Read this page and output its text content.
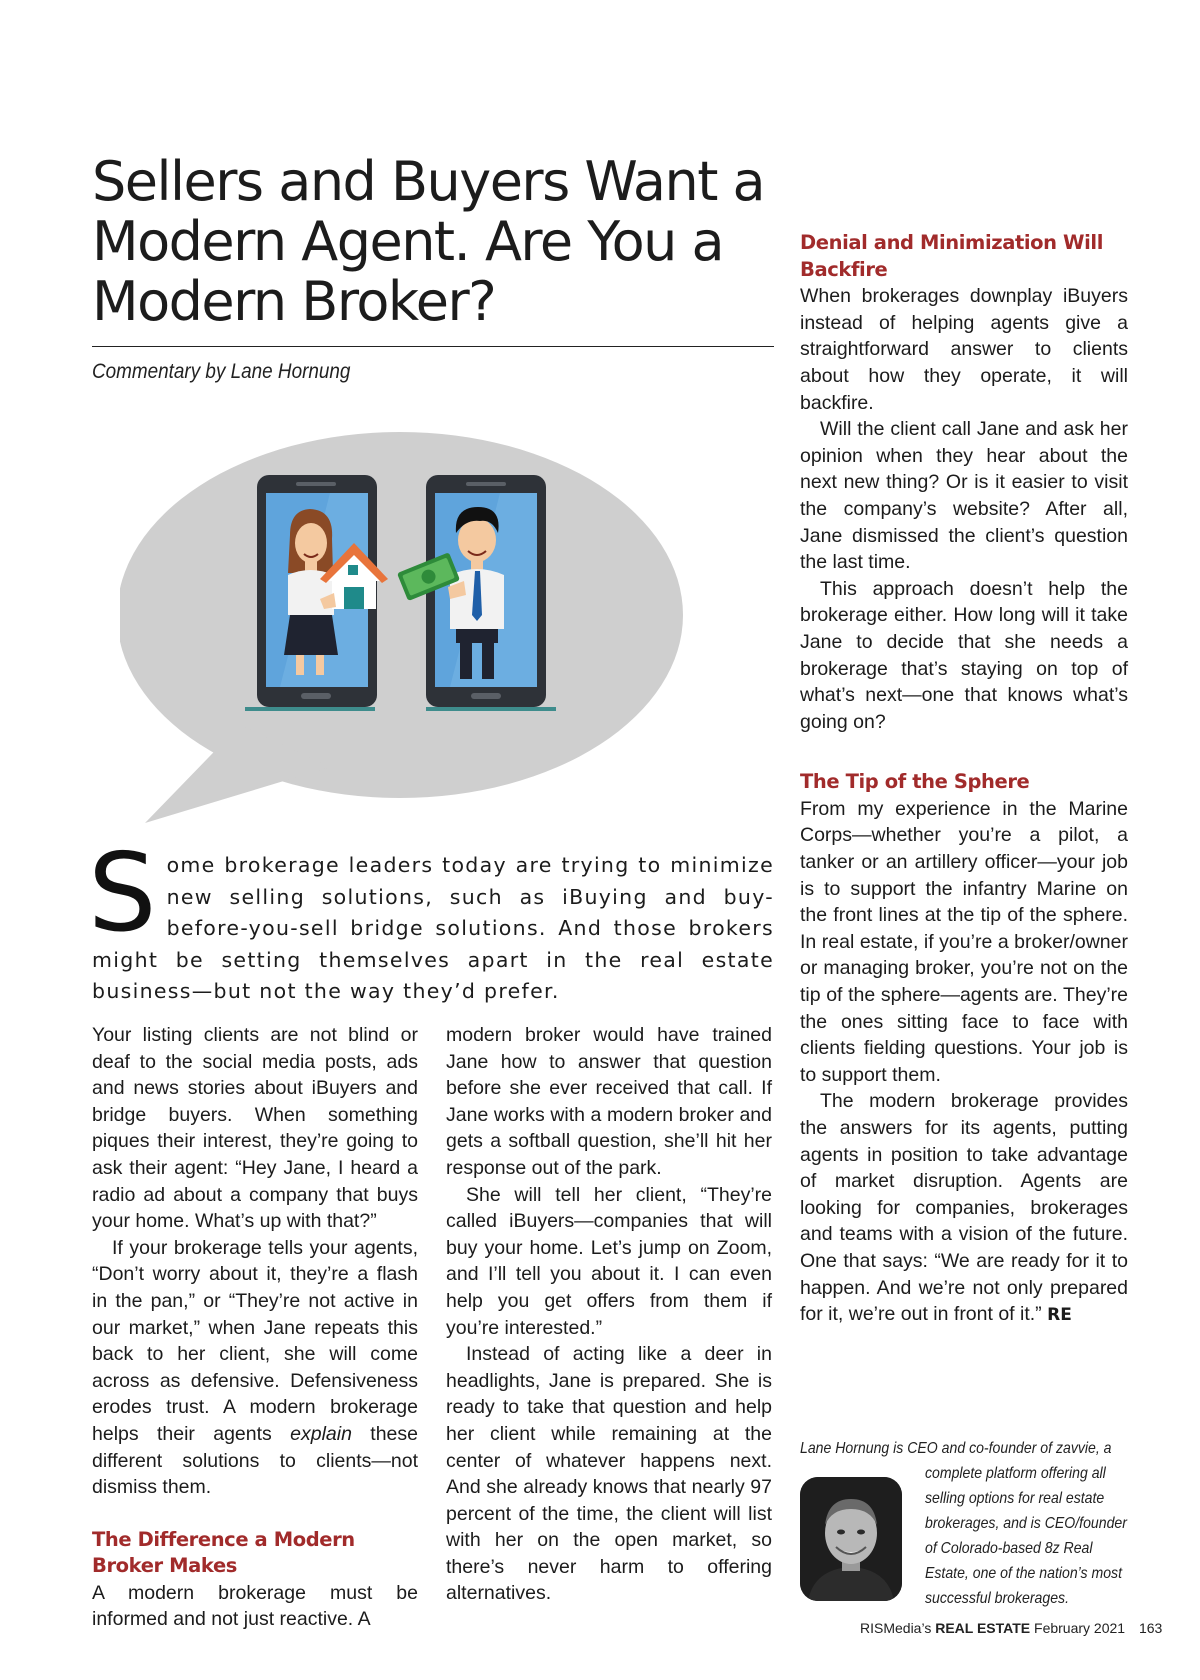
Sellers and Buyers Want a Modern Agent. Are You a Modern Broker?
Commentary by Lane Hornung
Some brokerage leaders today are trying to minimize new selling solutions, such as iBuying and buy-before-you-sell bridge solutions. And those brokers might be setting themselves apart in the real estate business—but not the way they’d prefer.

Your listing clients are not blind or deaf to the social media posts, ads and news stories about iBuyers and bridge buyers. When something piques their interest, they’re going to ask their agent: “Hey Jane, I heard a radio ad about a company that buys your home. What’s up with that?”

If your brokerage tells your agents, “Don’t worry about it, they’re a flash in the pan,” or “They’re not active in our market,” when Jane repeats this back to her client, she will come across as defensive. Defensiveness erodes trust. A modern brokerage helps their agents explain these different solutions to clients—not dismiss them.

The Difference a Modern Broker Makes

A modern brokerage must be informed and not just reactive. A

modern broker would have trained Jane how to answer that question before she ever received that call. If Jane works with a modern broker and gets a softball question, she’ll hit her response out of the park.

She will tell her client, “They’re called iBuyers—companies that will buy your home. Let’s jump on Zoom, and I’ll tell you about it. I can even help you get offers from them if you’re interested.”

Instead of acting like a deer in headlights, Jane is prepared. She is ready to take that question and help her client while remaining at the center of whatever happens next. And she already knows that nearly 97 percent of the time, the client will list with her on the open market, so there’s never harm to offering alternatives.

Denial and Minimization Will Backfire

When brokerages downplay iBuyers instead of helping agents give a straightforward answer to clients about how they operate, it will backfire.

Will the client call Jane and ask her opinion when they hear about the next new thing? Or is it easier to visit the company’s website? After all, Jane dismissed the client’s question the last time.

This approach doesn’t help the brokerage either. How long will it take Jane to decide that she needs a brokerage that’s staying on top of what’s next—one that knows what’s going on?

The Tip of the Sphere

From my experience in the Marine Corps—whether you’re a pilot, a tanker or an artillery officer—your job is to support the infantry Marine on the front lines at the tip of the sphere. In real estate, if you’re a broker/owner or managing broker, you’re not on the tip of the sphere—agents are. They’re the ones sitting face to face with clients fielding questions. Your job is to support them.

The modern brokerage provides the answers for its agents, putting agents in position to take advantage of market disruption. Agents are looking for companies, brokerages and teams with a vision of the future. One that says: “We are ready for it to happen. And we’re not only prepared for it, we’re out in front of it.” RE

Lane Hornung is CEO and co-founder of zavvie, a
complete platform offering all
selling options for real estate
brokerages, and is CEO/founder
of Colorado-based 8z Real
Estate, one of the nation’s most
successful brokerages.
RISMedia’s REAL ESTATE February 2021 163
